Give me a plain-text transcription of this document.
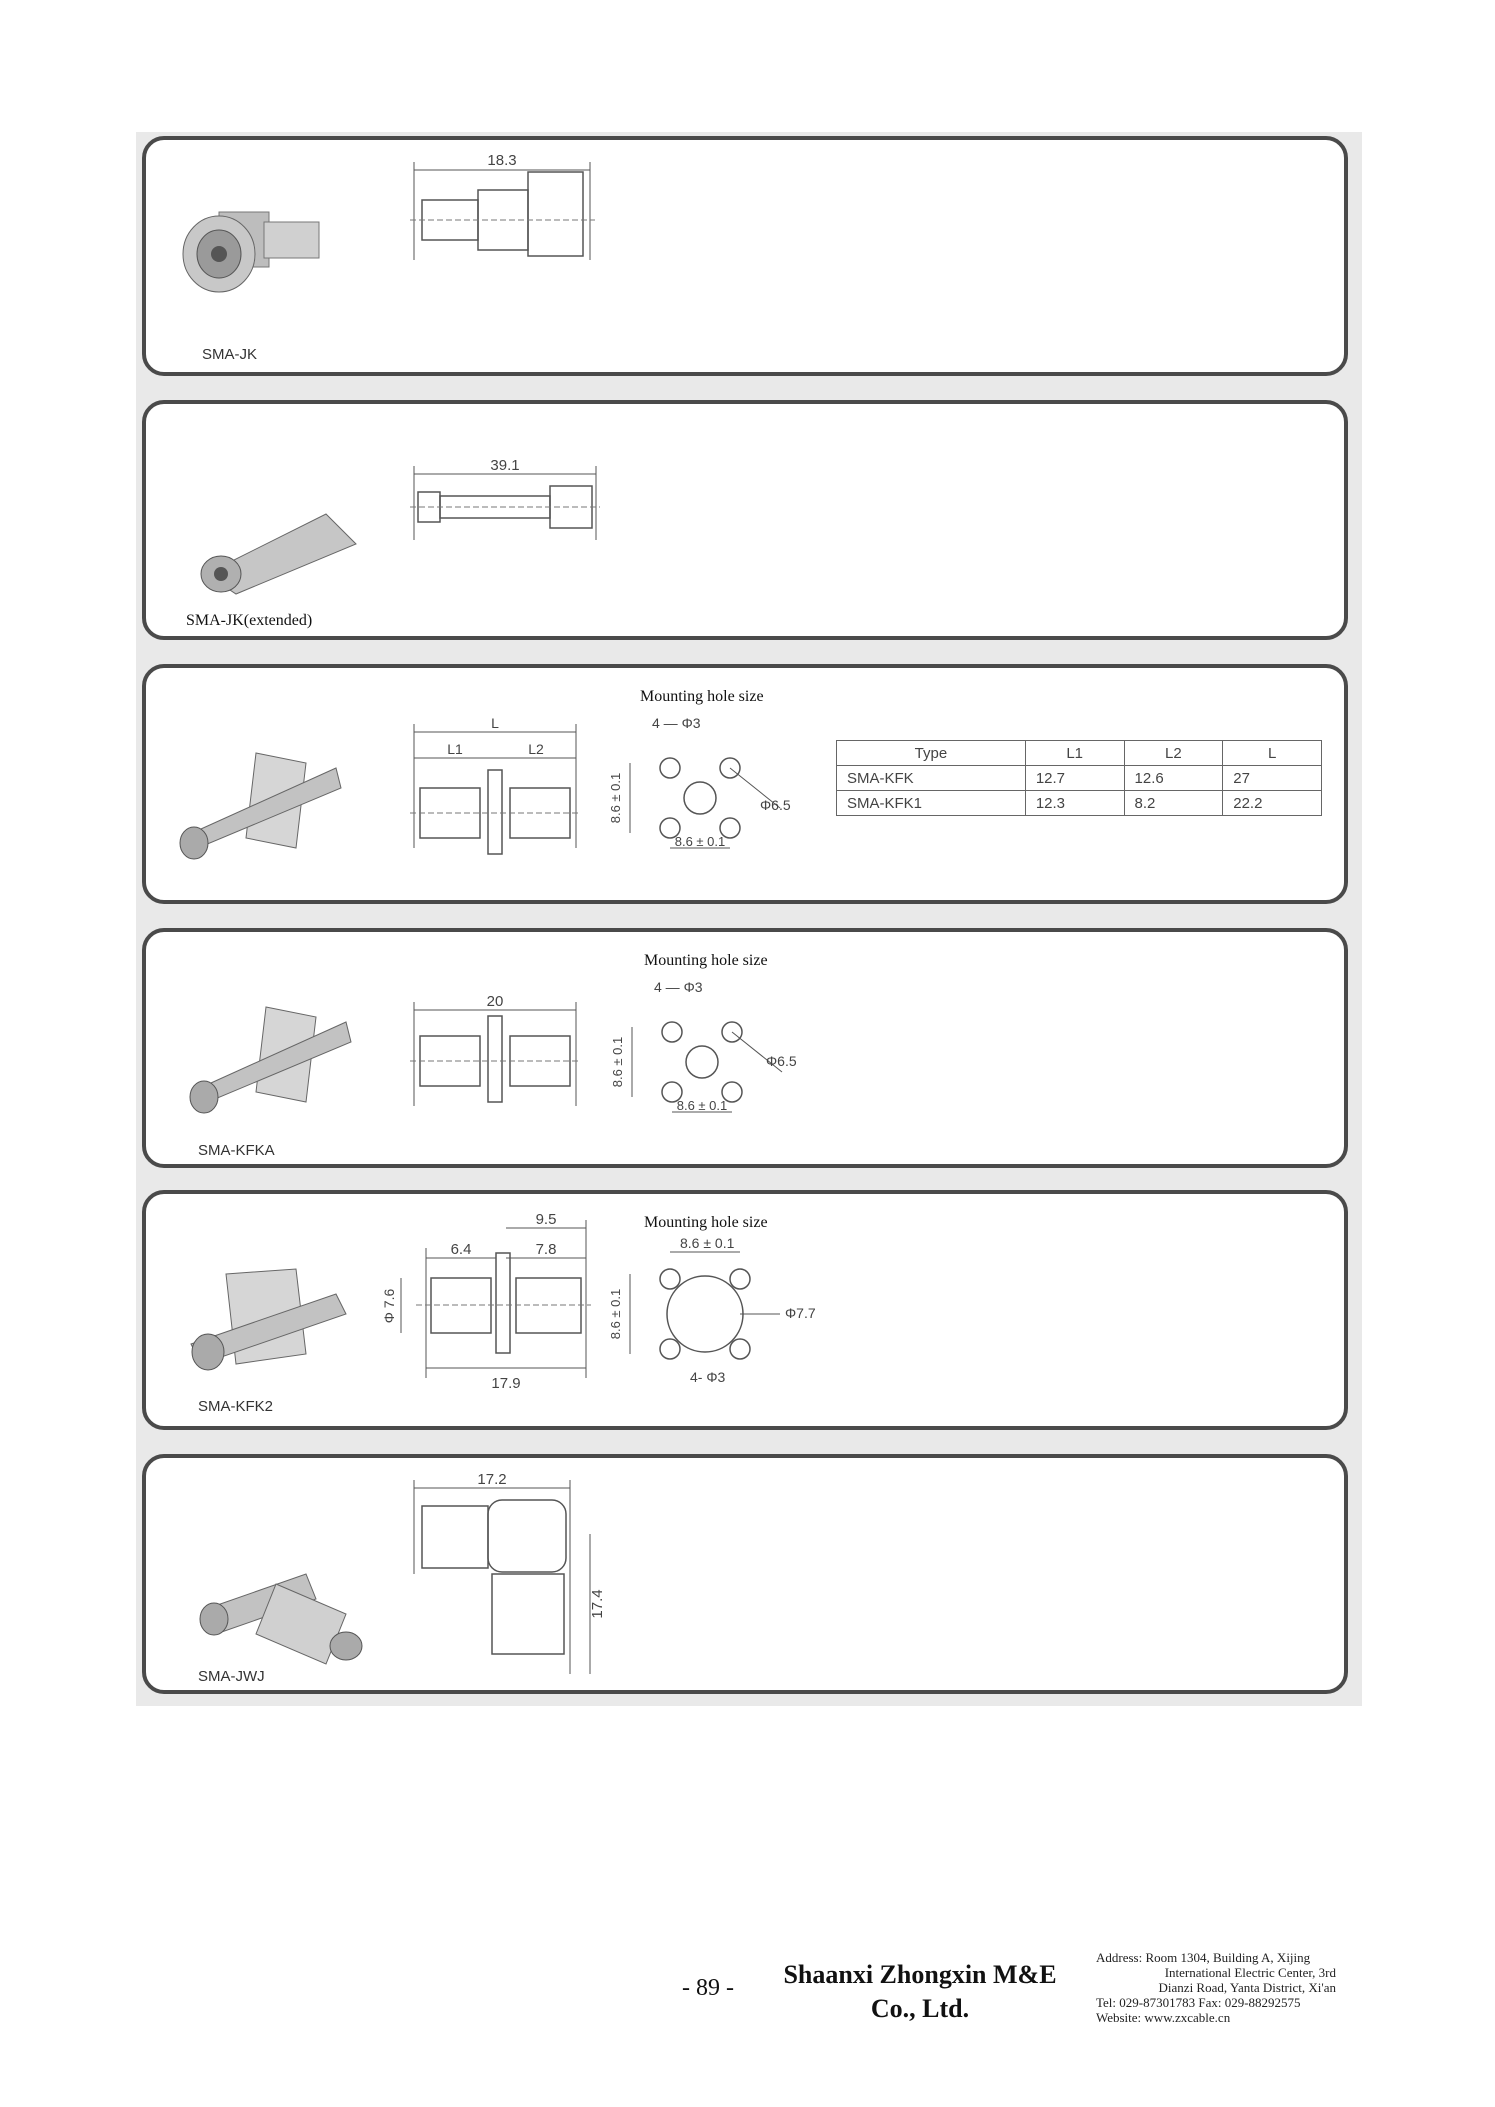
18.3
SMA-JK
39.1
SMA-JK(extended)
Mounting hole size
L
L1	L2
4 — Φ3
Φ6.5
8.6 ± 0.1
8.6 ± 0.1
Type	L1	L2	L
SMA-KFK	12.7	12.6	27
SMA-KFK1	12.3	8.2	22.2
Mounting hole size
20
4 — Φ3
Φ6.5
8.6 ± 0.1
8.6 ± 0.1
SMA-KFKA
Mounting hole size
9.5
6.4	7.8
Φ 7.6
17.9
8.6 ± 0.1
Φ7.7
8.6 ± 0.1
4- Φ3
SMA-KFK2
17.2
17.4
SMA-JWJ
- 89 -	Shaanxi Zhongxin M&E
Co., Ltd.
Address: Room 1304, Building A, Xijing
International Electric Center, 3rd
Dianzi Road, Yanta District, Xi'an
Tel: 029-87301783 Fax: 029-88292575
Website: www.zxcable.cn
